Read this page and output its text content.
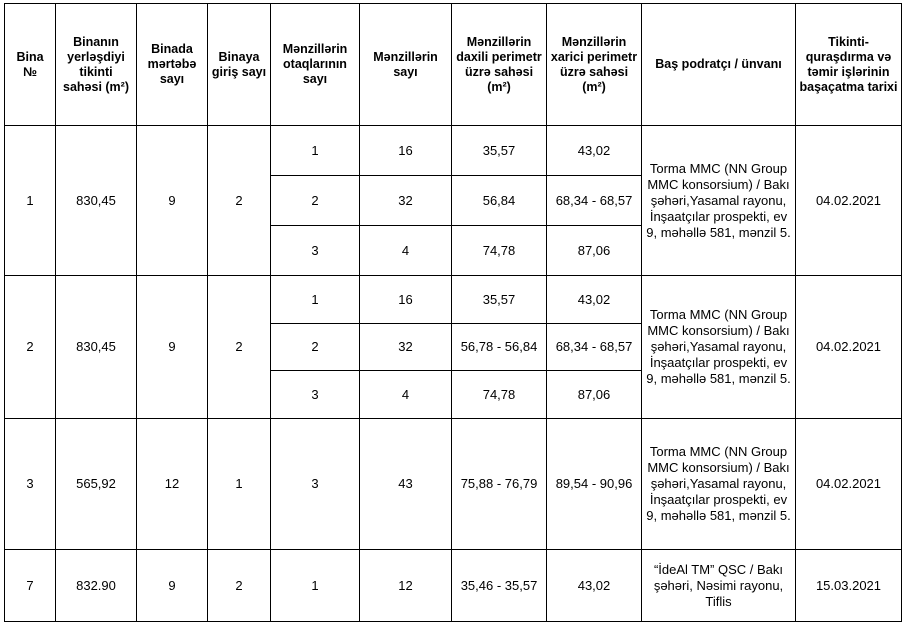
Bina №	Binanın yerləşdiyi tikinti sahəsi (m²)	Binada mərtəbə sayı	Binaya giriş sayı	Mənzillərin otaqlarının sayı	Mənzillərin sayı	Mənzillərin daxili perimetr üzrə sahəsi (m²)	Mənzillərin xarici perimetr üzrə sahəsi (m²)	Baş podratçı / ünvanı	Tikinti-quraşdırma və təmir işlərinin başaçatma tarixi
1	830,45	9	2	1	16	35,57	43,02	Torma MMC (NN Group MMC konsorsium) / Bakı şəhəri,Yasamal rayonu, İnşaatçılar prospekti, ev 9, məhəllə 581, mənzil 5.	04.02.2021
				2	32	56,84	68,34 - 68,57		
				3	4	74,78	87,06		
2	830,45	9	2	1	16	35,57	43,02	Torma MMC (NN Group MMC konsorsium) / Bakı şəhəri,Yasamal rayonu, İnşaatçılar prospekti, ev 9, məhəllə 581, mənzil 5.	04.02.2021
				2	32	56,78 - 56,84	68,34 - 68,57		
				3	4	74,78	87,06		
3	565,92	12	1	3	43	75,88 - 76,79	89,54 - 90,96	Torma MMC (NN Group MMC konsorsium) / Bakı şəhəri,Yasamal rayonu, İnşaatçılar prospekti, ev 9, məhəllə 581, mənzil 5.	04.02.2021
7	832.90	9	2	1	12	35,46 - 35,57	43,02	“İdeAl TM” QSC / Bakı şəhəri, Nəsimi rayonu, Tiflis	15.03.2021
